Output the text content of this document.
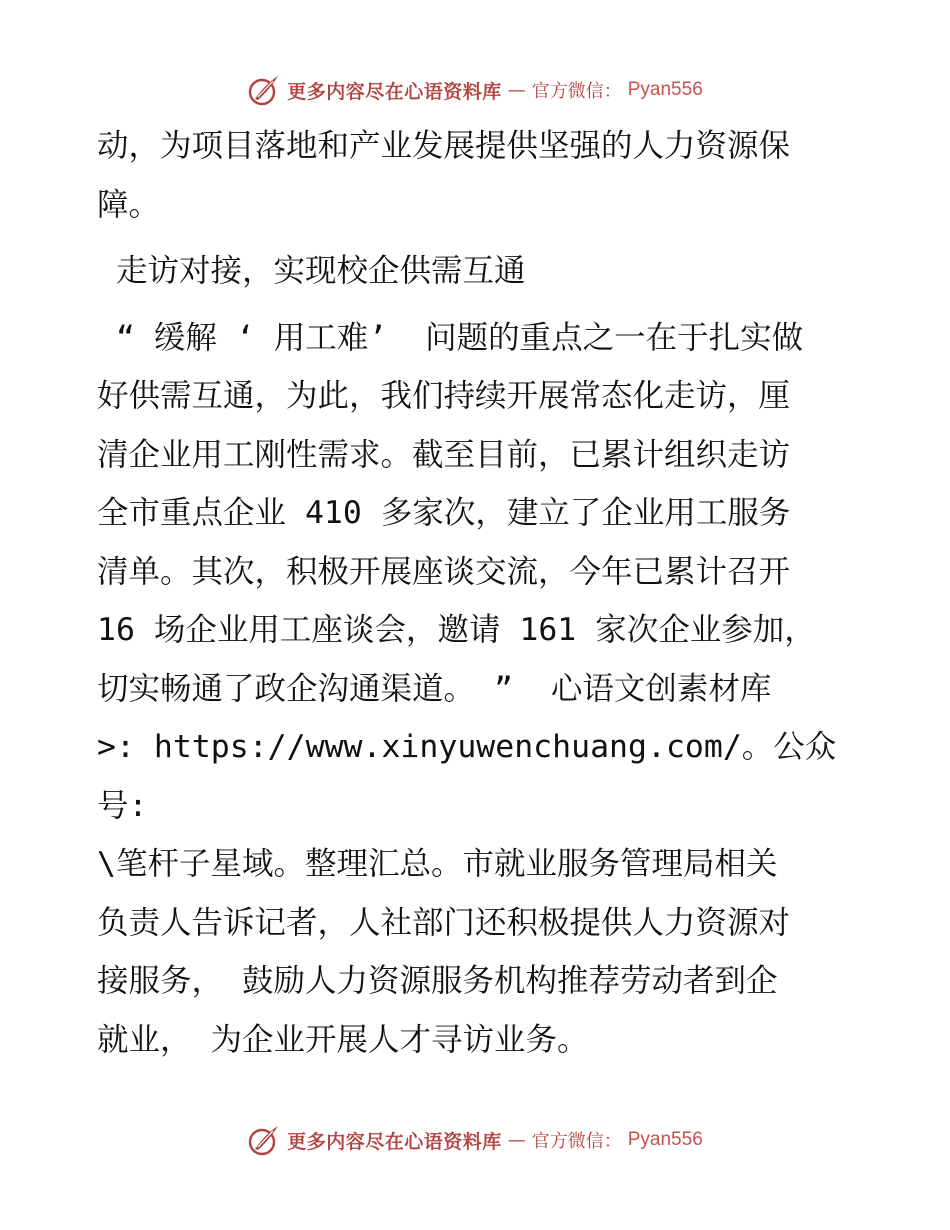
更多内容尽在心语资料库 — 官方微信： Pyan556

动，为项目落地和产业发展提供坚强的人力资源保

障。

走访对接，实现校企供需互通

“ 缓解 ‘ 用工难’  问题的重点之一在于扎实做

好供需互通，为此，我们持续开展常态化走访，厘

清企业用工刚性需求。截至目前，已累计组织走访

全市重点企业 410 多家次，建立了企业用工服务

清单。其次，积极开展座谈交流，今年已累计召开

16 场企业用工座谈会，邀请 161 家次企业参加，

切实畅通了政企沟通渠道。 ”  心语文创素材库

>: https://www.xinyuwenchuang.com/。公众号:

\笔杆子星域。整理汇总。市就业服务管理局相关

负责人告诉记者，人社部门还积极提供人力资源对

接服务， 鼓励人力资源服务机构推荐劳动者到企

就业， 为企业开展人才寻访业务。

更多内容尽在心语资料库 — 官方微信： Pyan556
